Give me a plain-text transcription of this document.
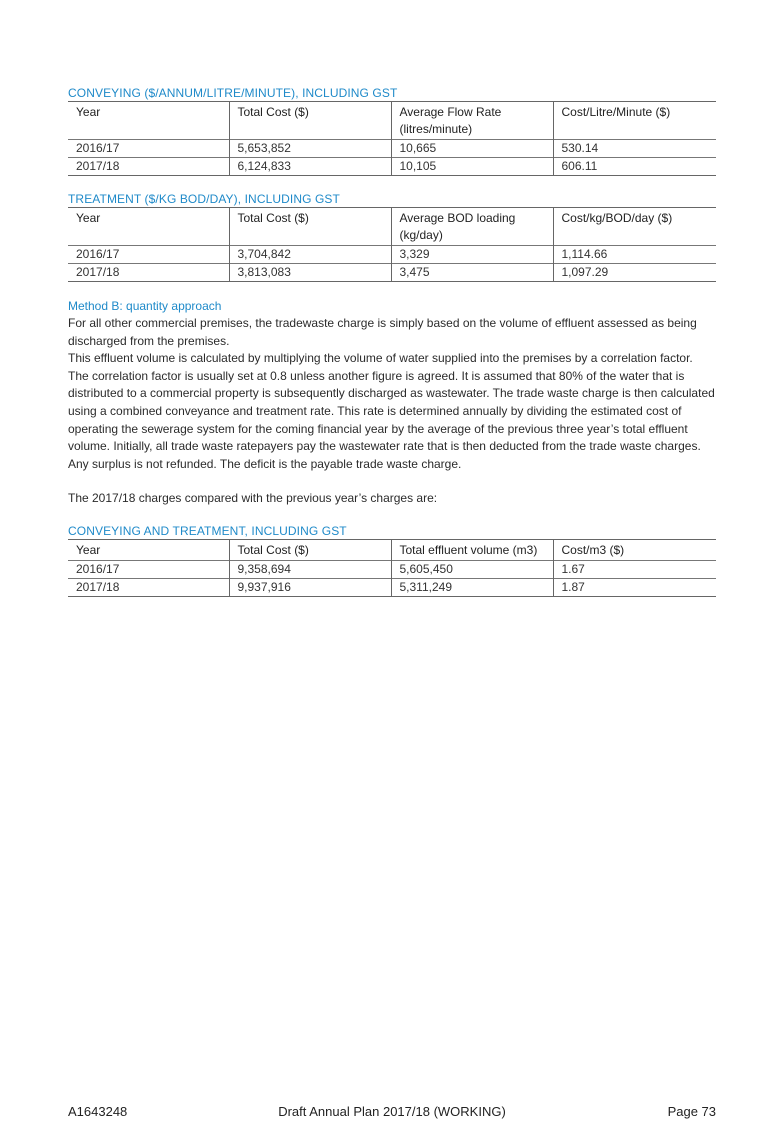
CONVEYING ($/ANNUM/LITRE/MINUTE), INCLUDING GST

Year	Total Cost ($)	Average Flow Rate (litres/minute)	Cost/Litre/Minute ($)
2016/17	5,653,852	10,665	530.14
2017/18	6,124,833	10,105	606.11

TREATMENT ($/KG BOD/DAY), INCLUDING GST

Year	Total Cost ($)	Average BOD loading (kg/day)	Cost/kg/BOD/day ($)
2016/17	3,704,842	3,329	1,114.66
2017/18	3,813,083	3,475	1,097.29

Method B: quantity approach

For all other commercial premises, the tradewaste charge is simply based on the volume of effluent assessed as being discharged from the premises.

This effluent volume is calculated by multiplying the volume of water supplied into the premises by a correlation factor. The correlation factor is usually set at 0.8 unless another figure is agreed. It is assumed that 80% of the water that is distributed to a commercial property is subsequently discharged as wastewater. The trade waste charge is then calculated using a combined conveyance and treatment rate. This rate is determined annually by dividing the estimated cost of operating the sewerage system for the coming financial year by the average of the previous three year’s total effluent volume. Initially, all trade waste ratepayers pay the wastewater rate that is then deducted from the trade waste charges. Any surplus is not refunded. The deficit is the payable trade waste charge.

The 2017/18 charges compared with the previous year’s charges are:

CONVEYING AND TREATMENT, INCLUDING GST

Year	Total Cost ($)	Total effluent volume (m3)	Cost/m3 ($)
2016/17	9,358,694	5,605,450	1.67
2017/18	9,937,916	5,311,249	1.87
A1643248	Draft Annual Plan 2017/18 (WORKING)	Page 73
